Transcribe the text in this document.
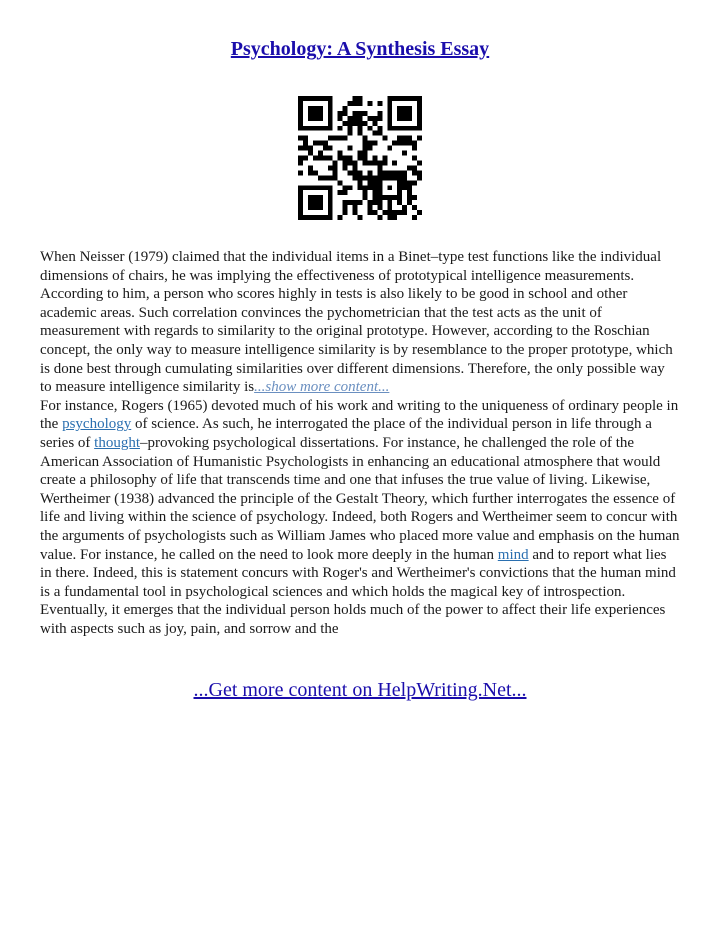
Psychology: A Synthesis Essay

When Neisser (1979) claimed that the individual items in a Binet–type test functions like the individual dimensions of chairs, he was implying the effectiveness of prototypical intelligence measurements. According to him, a person who scores highly in tests is also likely to be good in school and other academic areas. Such correlation convinces the pychometrician that the test acts as the unit of measurement with regards to similarity to the original prototype. However, according to the Roschian concept, the only way to measure intelligence similarity is by resemblance to the proper prototype, which is done best through cumulating similarities over different dimensions. Therefore, the only possible way to measure intelligence similarity is...show more content...

For instance, Rogers (1965) devoted much of his work and writing to the uniqueness of ordinary people in the psychology of science. As such, he interrogated the place of the individual person in life through a series of thought–provoking psychological dissertations. For instance, he challenged the role of the American Association of Humanistic Psychologists in enhancing an educational atmosphere that would create a philosophy of life that transcends time and one that infuses the true value of living. Likewise, Wertheimer (1938) advanced the principle of the Gestalt Theory, which further interrogates the essence of life and living within the science of psychology. Indeed, both Rogers and Wertheimer seem to concur with the arguments of psychologists such as William James who placed more value and emphasis on the human value. For instance, he called on the need to look more deeply in the human mind and to report what lies in there. Indeed, this is statement concurs with Roger's and Wertheimer's convictions that the human mind is a fundamental tool in psychological sciences and which holds the magical key of introspection. Eventually, it emerges that the individual person holds much of the power to affect their life experiences with aspects such as joy, pain, and sorrow and the

...Get more content on HelpWriting.Net...
